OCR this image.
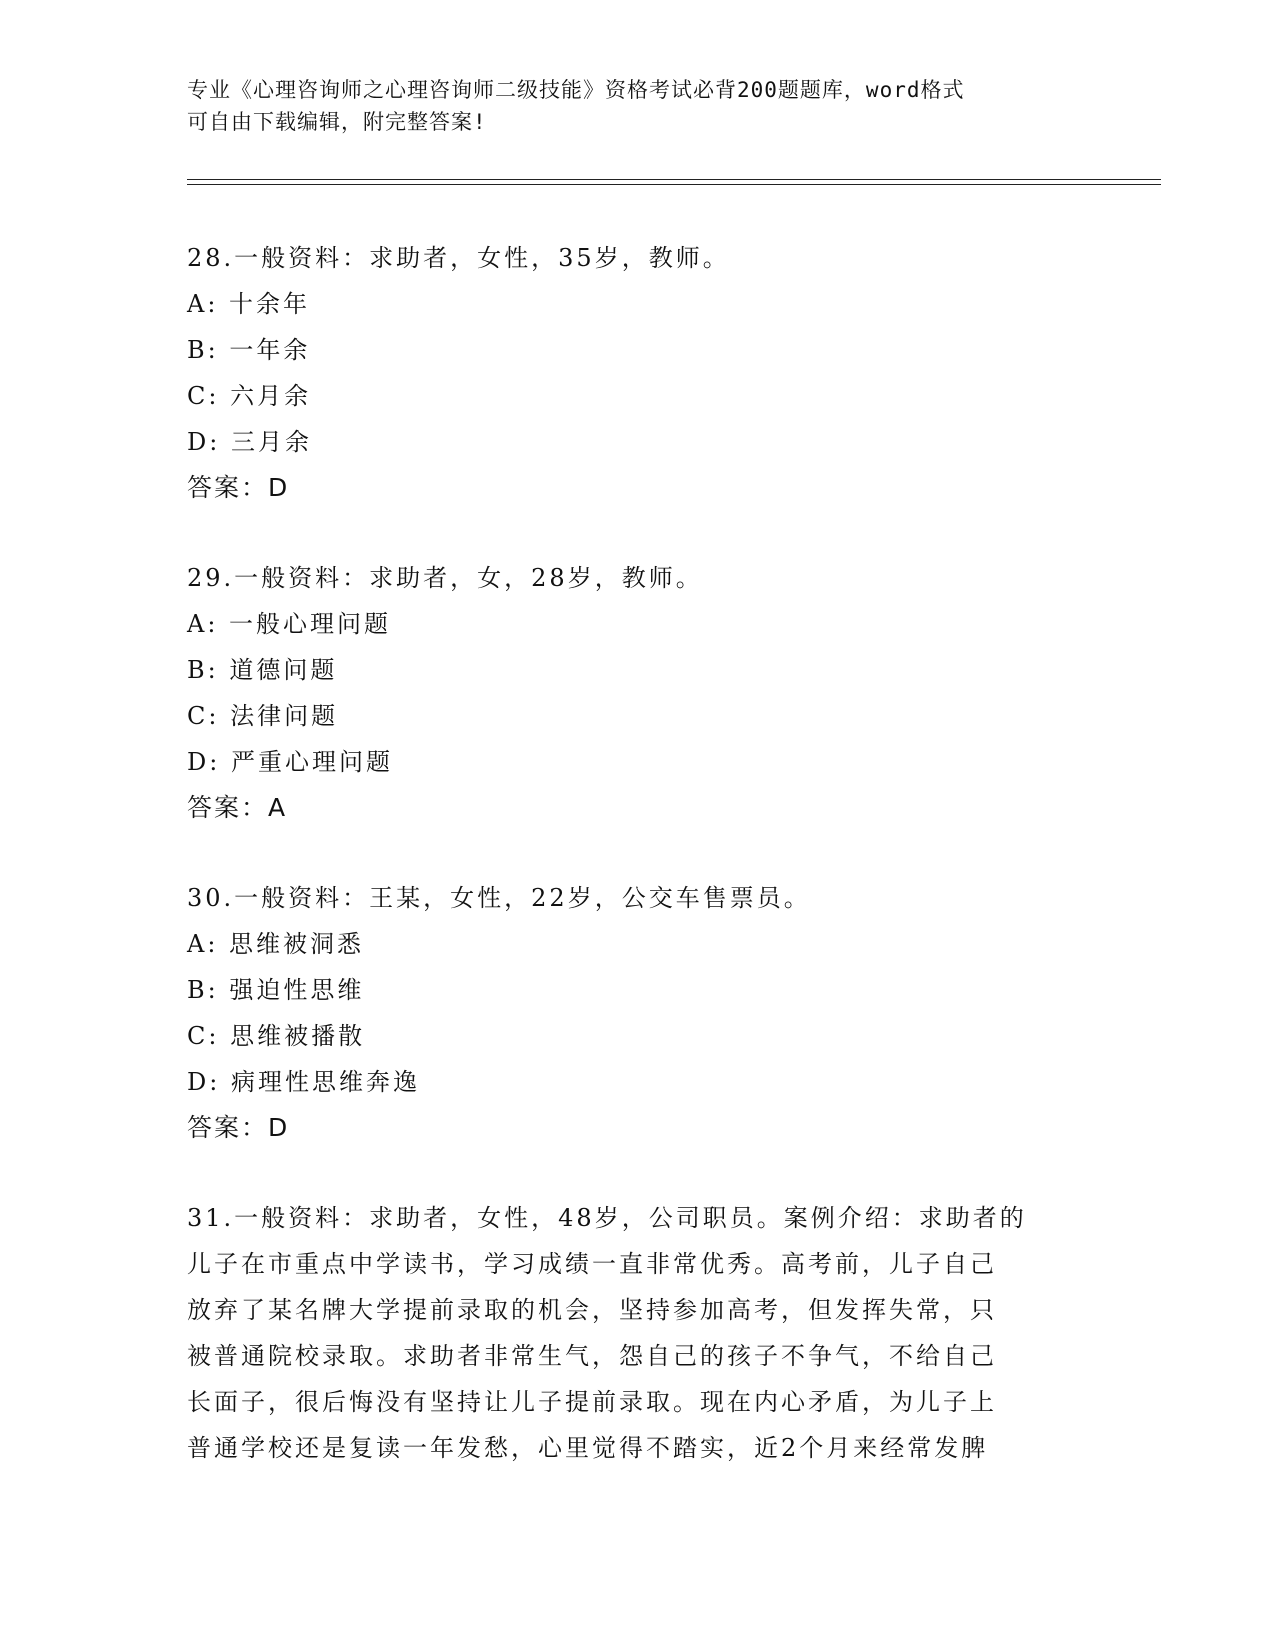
专业《心理咨询师之心理咨询师二级技能》资格考试必背200题题库，word格式
可自由下载编辑，附完整答案!
28.一般资料：求助者，女性，35岁，教师。
A: 十余年
B: 一年余
C: 六月余
D: 三月余
答案：D
29.一般资料：求助者，女，28岁，教师。
A: 一般心理问题
B: 道德问题
C: 法律问题
D: 严重心理问题
答案：A
30.一般资料：王某，女性，22岁，公交车售票员。
A: 思维被洞悉
B: 强迫性思维
C: 思维被播散
D: 病理性思维奔逸
答案：D
31.一般资料：求助者，女性，48岁，公司职员。案例介绍：求助者的
儿子在市重点中学读书，学习成绩一直非常优秀。高考前，儿子自己
放弃了某名牌大学提前录取的机会，坚持参加高考，但发挥失常，只
被普通院校录取。求助者非常生气，怨自己的孩子不争气，不给自己
长面子，很后悔没有坚持让儿子提前录取。现在内心矛盾，为儿子上
普通学校还是复读一年发愁，心里觉得不踏实，近2个月来经常发脾
